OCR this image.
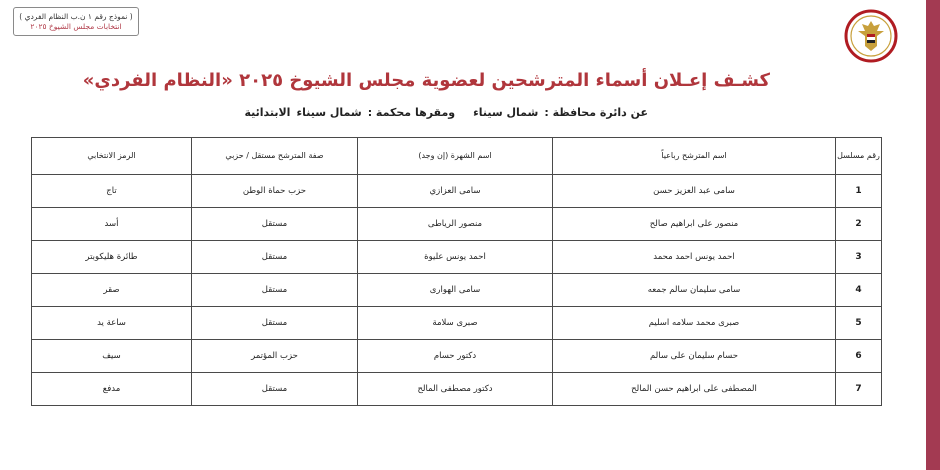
( نموذج رقم ١ ن.ب النظام الفردي )
انتخابات مجلس الشيوخ ٢٠٢٥
كشـف إعـلان أسماء المترشحين لعضوية مجلس الشيوخ ٢٠٢٥ «النظام الفردي»
عن دائرة محافظة :شمال سيناءومقرها محكمة :شمال سيناءالابتدائية
رقم مسلسل	اسم المترشح رباعياً	اسم الشهرة (إن وجد)	صفة المترشح مستقل / حزبي	الرمز الانتخابي
1	سامى عبد العزيز حسن	سامى العزازي	حزب حماة الوطن	تاج
2	منصور على ابراهيم صالح	منصور الرياطى	مستقل	أسد
3	احمد يونس احمد محمد	احمد يونس عليوة	مستقل	طائرة هليكوبتر
4	سامى سليمان سالم جمعه	سامى الهوارى	مستقل	صقر
5	صبرى محمد سلامه اسليم	صبرى سلامة	مستقل	ساعة يد
6	حسام سليمان على سالم	دكتور حسام	حزب المؤتمر	سيف
7	المصطفى على ابراهيم حسن المالح	دكتور مصطفى المالح	مستقل	مدفع
